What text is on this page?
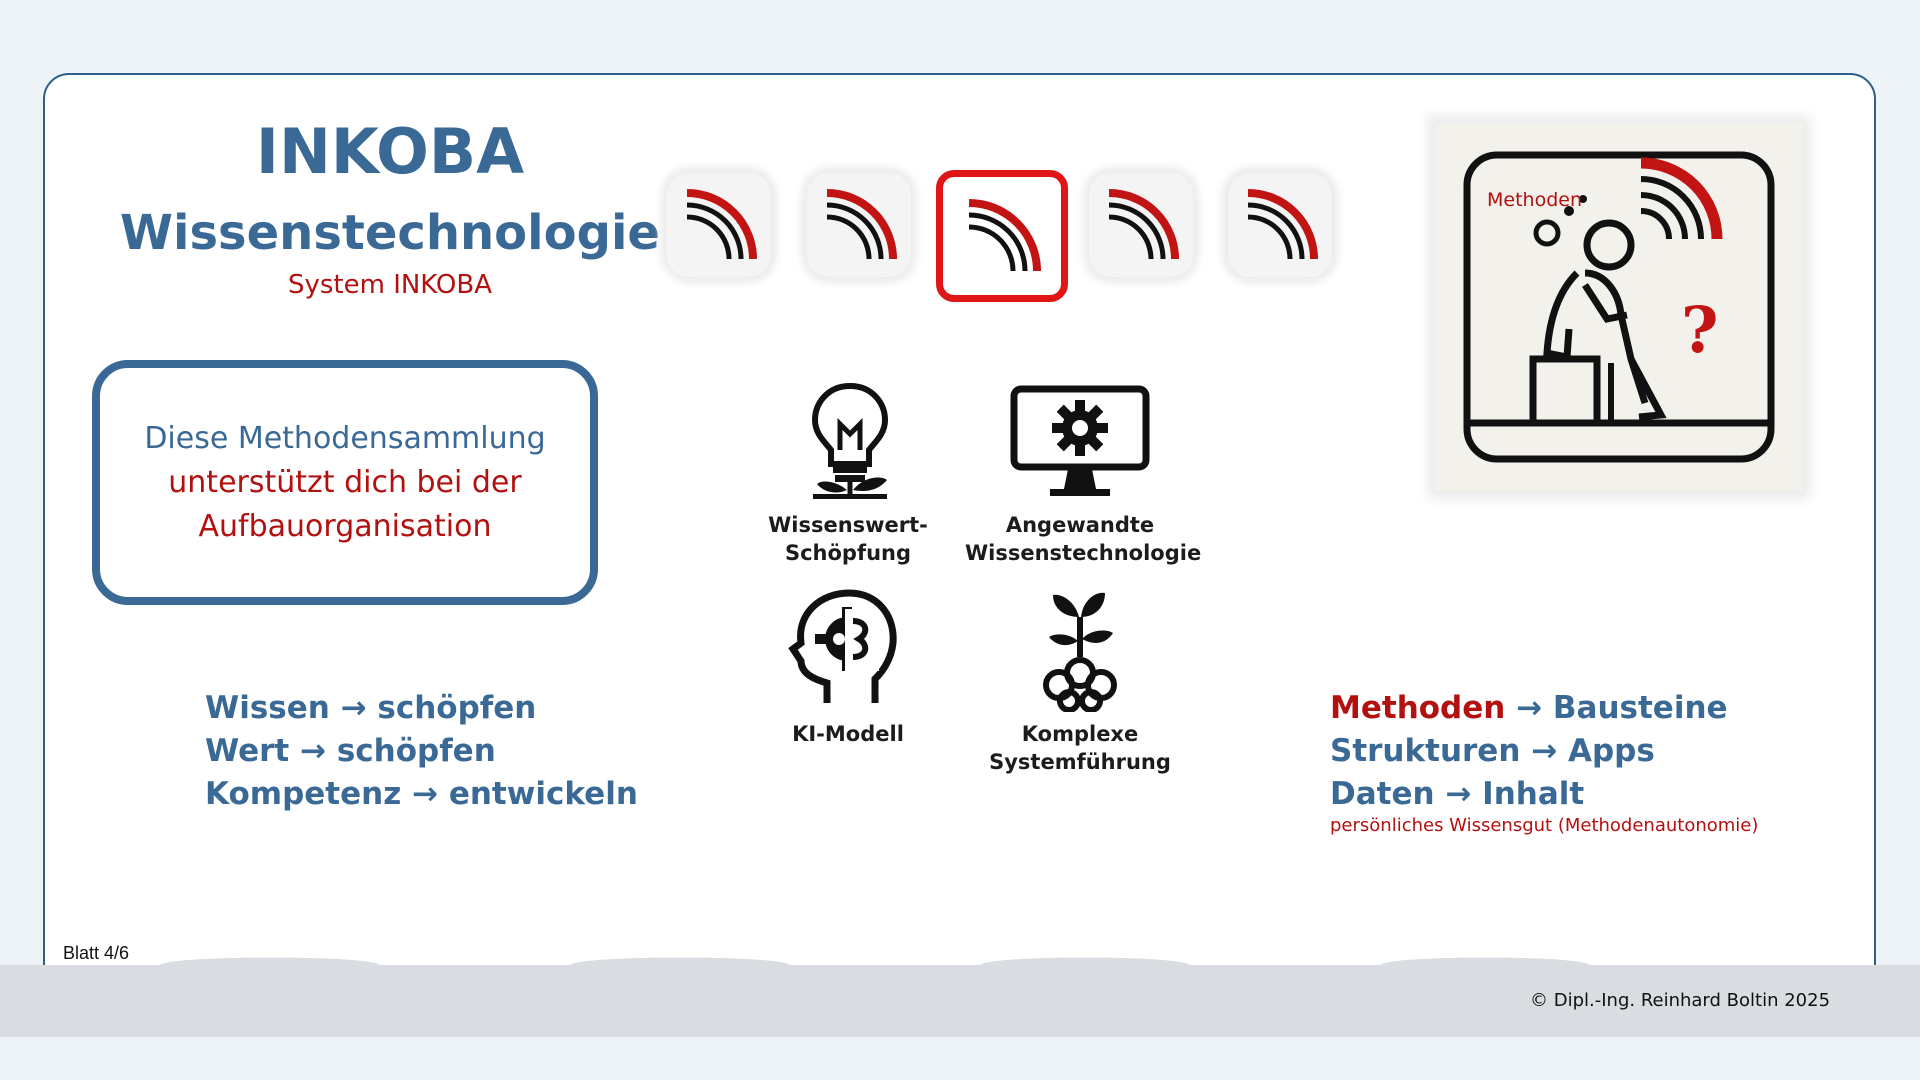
INKOBA
Wissenstechnologie
System INKOBA
Diese Methodensammlung
unterstützt dich bei der
Aufbauorganisation	Wissenswert-
Schöpfung
Angewandte
Wissenstechnologie
KI-Modell	Komplexe
Systemführung
Methoden
?
Wissen → schöpfen
Wert → schöpfen
Kompetenz → entwickeln
Methoden → Bausteine
Strukturen → Apps
Daten → Inhalt
persönliches Wissensgut (Methodenautonomie)
Blatt 4/6
© Dipl.-Ing. Reinhard Boltin 2025
